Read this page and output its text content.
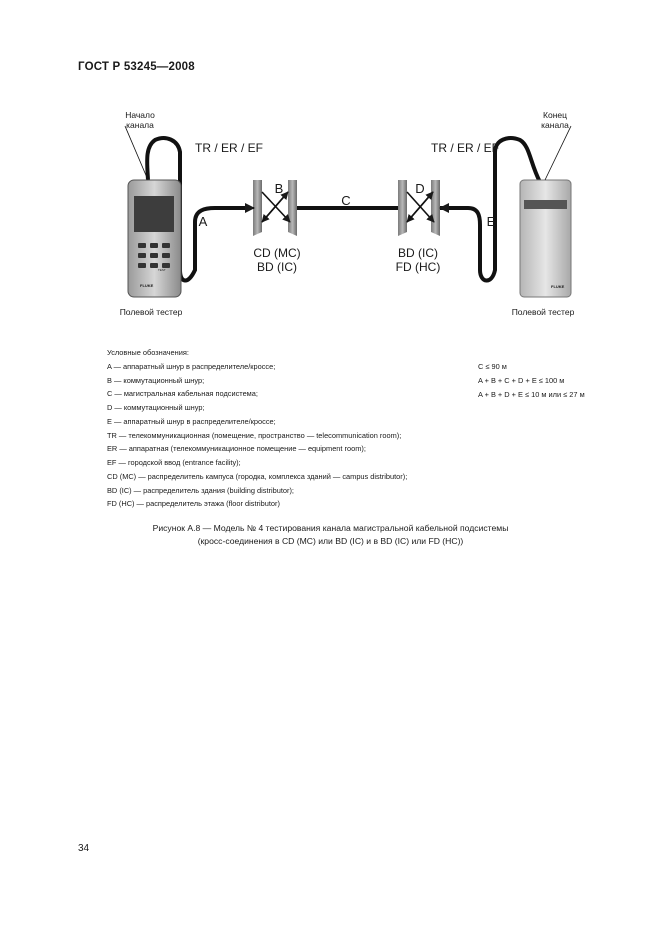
ГОСТ Р 53245—2008
FLUKE
TEST
FLUKE
Начало
канала
Конец
канала
TR / ER / EF	TR / ER / EF
A
B
C
D
E
CD (MC)
BD (IC)
BD (IC)
FD (HC)
Полевой тестер	Полевой тестер
Условные обозначения:
A — аппаратный шнур в распределителе/кроссе;
B — коммутационный шнур;
C — магистральная кабельная подсистема;
D — коммутационный шнур;
E — аппаратный шнур в распределителе/кроссе;
TR — телекоммуникационная (помещение, пространство — telecommunication room);
ER — аппаратная (телекоммуникационное помещение — equipment room);
EF — городской ввод (entrance facility);
CD (MC) — распределитель кампуса (городка, комплекса зданий — campus distributor);
BD (IC) — распределитель здания (building distributor);
FD (HC) — распределитель этажа (floor distributor)
C ≤ 90 м
A + B + C + D + E ≤ 100 м
A + B + D + E ≤ 10 м или ≤ 27 м
Рисунок А.8 — Модель № 4 тестирования канала магистральной кабельной подсистемы
(кросс-соединения в CD (MC) или BD (IC) и в BD (IC) или FD (HC))
34
